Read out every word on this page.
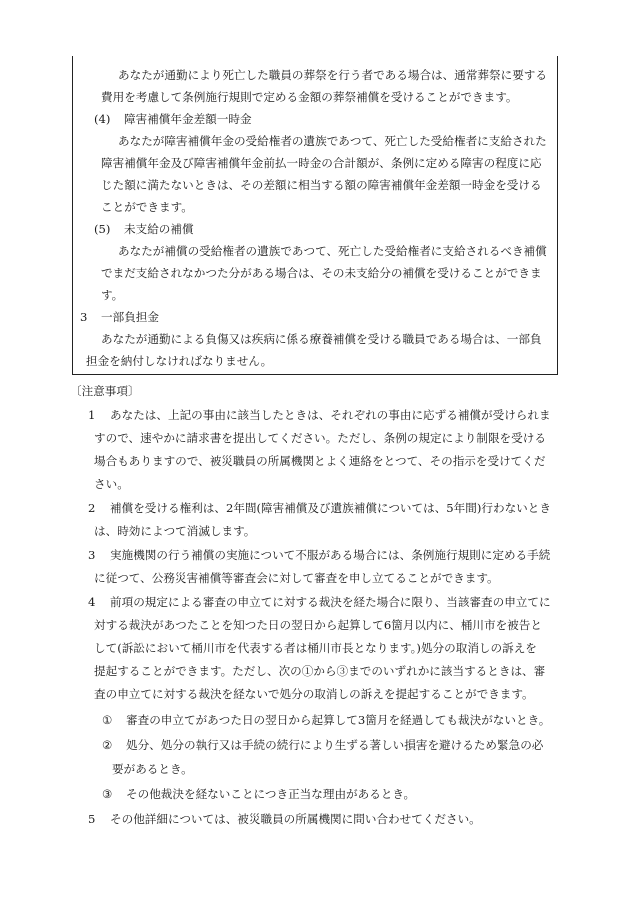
あなたが通勤により死亡した職員の葬祭を行う者である場合は、通常葬祭に要する
費用を考慮して条例施行規則で定める金額の葬祭補償を受けることができます。
(4) 障害補償年金差額一時金
あなたが障害補償年金の受給権者の遺族であつて、死亡した受給権者に支給された
障害補償年金及び障害補償年金前払一時金の合計額が、条例に定める障害の程度に応
じた額に満たないときは、その差額に相当する額の障害補償年金差額一時金を受ける
ことができます。
(5) 未支給の補償
あなたが補償の受給権者の遺族であつて、死亡した受給権者に支給されるべき補償
でまだ支給されなかつた分がある場合は、その未支給分の補償を受けることができま
す。
3 一部負担金
あなたが通勤による負傷又は疾病に係る療養補償を受ける職員である場合は、一部負
担金を納付しなければなりません。
〔注意事項〕
1 あなたは、上記の事由に該当したときは、それぞれの事由に応ずる補償が受けられま
すので、速やかに請求書を提出してください。ただし、条例の規定により制限を受ける
場合もありますので、被災職員の所属機関とよく連絡をとつて、その指示を受けてくだ
さい。
2 補償を受ける権利は、2年間(障害補償及び遺族補償については、5年間)行わないとき
は、時効によつて消滅します。
3 実施機関の行う補償の実施について不服がある場合には、条例施行規則に定める手続
に従つて、公務災害補償等審査会に対して審査を申し立てることができます。
4 前項の規定による審査の申立てに対する裁決を経た場合に限り、当該審査の申立てに
対する裁決があつたことを知つた日の翌日から起算して6箇月以内に、桶川市を被告と
して(訴訟において桶川市を代表する者は桶川市長となります。)処分の取消しの訴えを
提起することができます。ただし、次の①から③までのいずれかに該当するときは、審
査の申立てに対する裁決を経ないで処分の取消しの訴えを提起することができます。
① 審査の申立てがあつた日の翌日から起算して3箇月を経過しても裁決がないとき。
② 処分、処分の執行又は手続の続行により生ずる著しい損害を避けるため緊急の必
要があるとき。
③ その他裁決を経ないことにつき正当な理由があるとき。
5 その他詳細については、被災職員の所属機関に問い合わせてください。
